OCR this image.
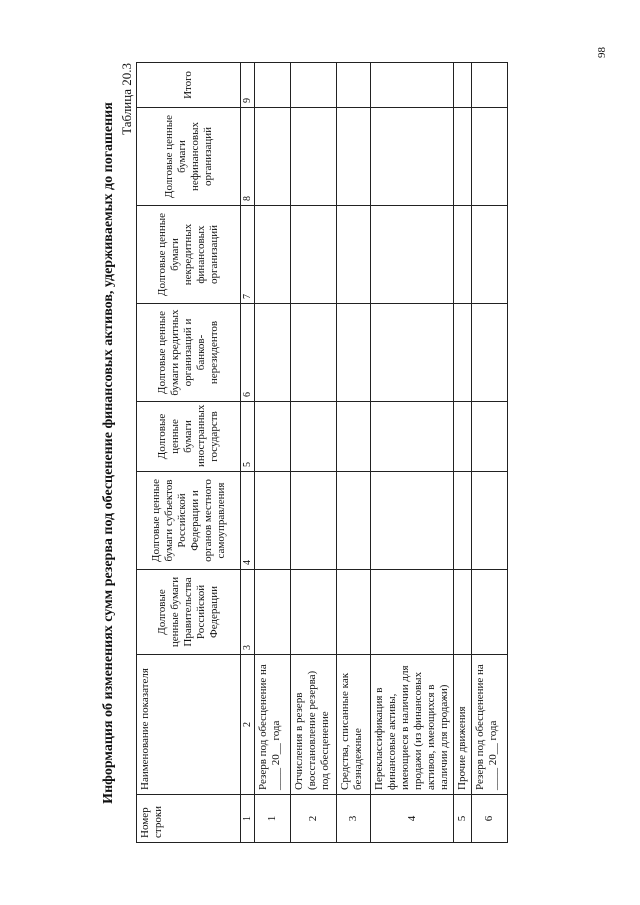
Информация об изменениях сумм резерва под обесценение финансовых активов, удерживаемых до погашения
Таблица 20.3
Номер строки	Наименование показателя	Долговые ценные бумаги Правительства Российской Федерации	Долговые ценные бумаги субъектов Российской Федерации и органов местного самоуправления	Долговые ценные бумаги иностранных государств	Долговые ценные бумаги кредитных организаций и банков-нерезидентов	Долговые ценные бумаги некредитных финансовых организаций	Долговые ценные бумаги нефинансовых организаций	Итого
1	2	3	4	5	6	7	8	9
1	Резерв под обесценение на ____ 20__ года							
2	Отчисления в резерв (восстановление резерва) под обесценение							
3	Средства, списанные как безнадежные							
4	Переклассификация в финансовые активы, имеющиеся в наличии для продажи (из финансовых активов, имеющихся в наличии для продажи)							
5	Прочие движения							
6	Резерв под обесценение на ____ 20__ года							
98
